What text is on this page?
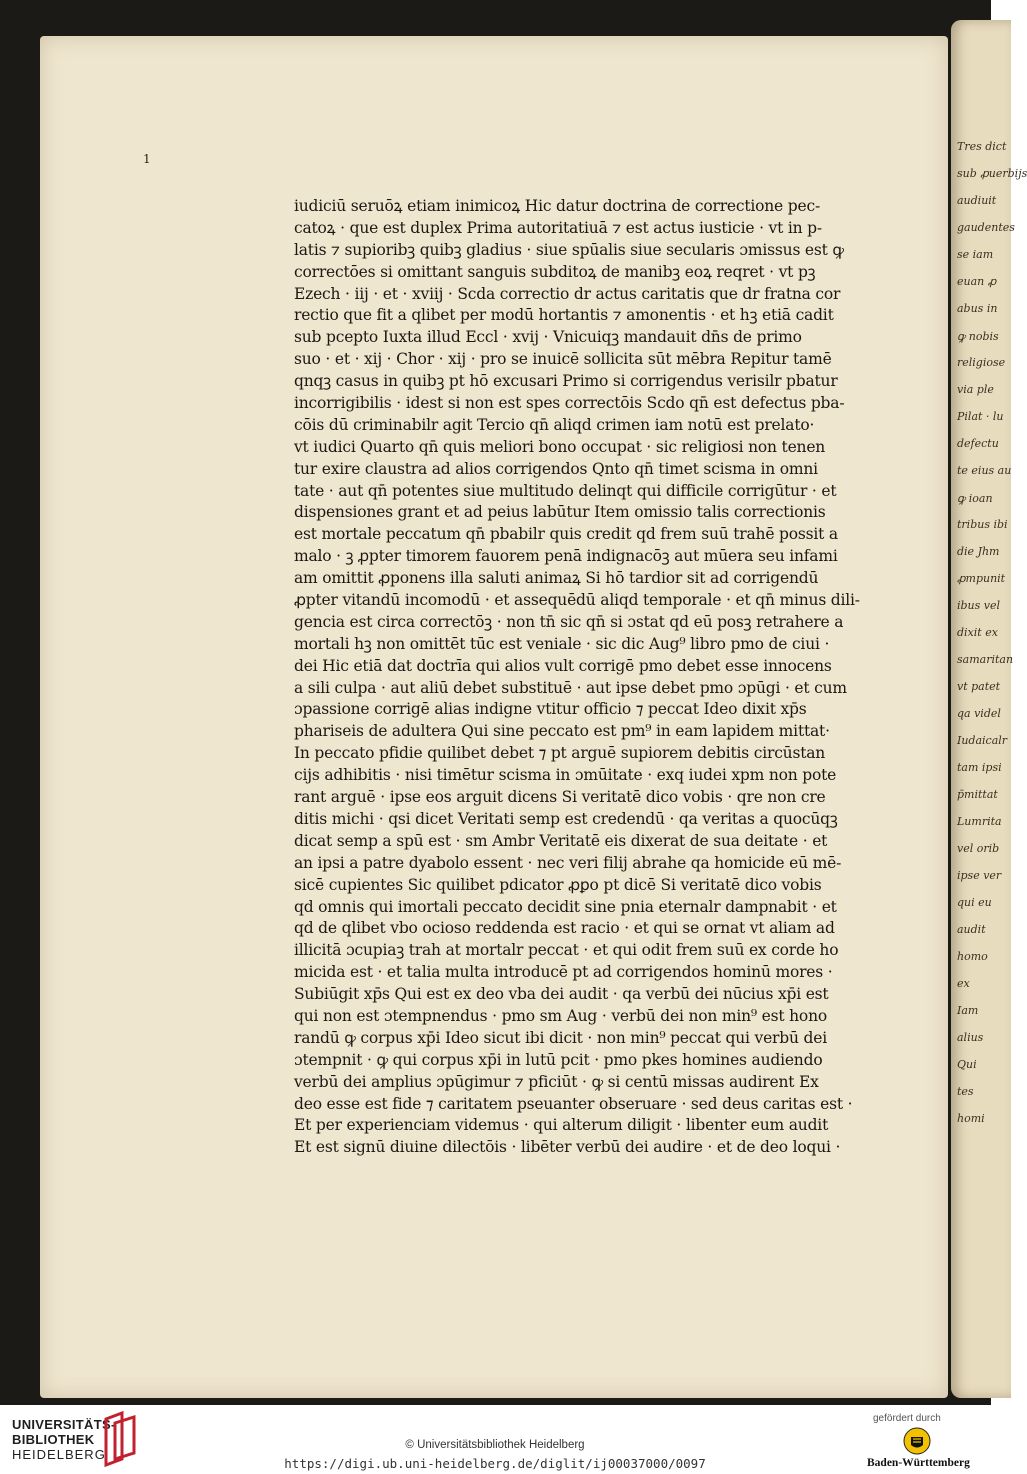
1
iudiciū seruōꝝ etiam inimicoꝝ Hic datur doctrina de correctione pec-
catoꝝ · que est duplex Prima autoritatiuā ⁊ est actus iusticie · vt in p-
latis ⁊ supioribꝫ quibꝫ gladius · siue spūalis siue secularis ɔmissus est ꝙ
correctōes si omittant sanguis subditoꝝ de manibꝫ eoꝝ reqret · vt pꝫ
Ezech · iij · et · xviij · Scda correctio dr actus caritatis que dr fratna cor
rectio que fit a qlibet per modū hortantis ⁊ amonentis · et hꝫ etiā cadit
sub pcepto Iuxta illud Eccl · xvij · Vnicuiqꝫ mandauit dn̄s de primo
suo · et · xij · Chor · xij · pro se inuicē sollicita sūt mēbra Repitur tamē
qnqꝫ casus in quibꝫ pt hō excusari Primo si corrigendus verisilr pbatur
incorrigibilis · idest si non est spes correctōis Scdo qn̄ est defectus pba-
cōis dū criminabilr agit Tercio qn̄ aliqd crimen iam notū est prelato·
vt iudici Quarto qn̄ quis meliori bono occupat · sic religiosi non tenen
tur exire claustra ad alios corrigendos Qnto qn̄ timet scisma in omni
tate · aut qn̄ potentes siue multitudo delinqt qui difficile corrigūtur · et
dispensiones grant et ad peius labūtur Item omissio talis correctionis
est mortale peccatum qn̄ pbabilr quis credit qd frem suū trahē possit a
malo · ꝫ ꝓpter timorem fauorem penā indignacōꝫ aut mūera seu infami
am omittit ꝓponens illa saluti animaꝝ Si hō tardior sit ad corrigendū
ꝓpter vitandū incomodū · et assequēdū aliqd temporale · et qn̄ minus dili-
gencia est circa correctōꝫ · non tn̄ sic qn̄ si ɔstat qd eū posꝫ retrahere a
mortali hꝫ non omittēt tūc est veniale · sic dic Aug⁹ libro pmo de ciui ·
dei Hic etiā dat doctrīa qui alios vult corrigē pmo debet esse innocens
a sili culpa · aut aliū debet substituē · aut ipse debet pmo ɔpūgi · et cum
ɔpassione corrigē alias indigne vtitur officio ⁊ peccat Ideo dixit xp̄s
phariseis de adultera Qui sine peccato est pm⁹ in eam lapidem mittat·
In peccato pfidie quilibet debet ⁊ pt arguē supiorem debitis circūstan
cijs adhibitis · nisi timētur scisma in ɔmūitate · exq iudei xpm non pote
rant arguē · ipse eos arguit dicens Si veritatē dico vobis · qre non cre
ditis michi · qsi dicet Veritati semp est credendū · qa veritas a quocūqꝫ
dicat semp a spū est · sm Ambr Veritatē eis dixerat de sua deitate · et
an ipsi a patre dyabolo essent · nec veri filij abrahe qa homicide eū mē-
sicē cupientes Sic quilibet pdicator ꝓꝑo pt dicē Si veritatē dico vobis
qd omnis qui imortali peccato decidit sine pnia eternalr dampnabit · et
qd de qlibet vbo ocioso reddenda est racio · et qui se ornat vt aliam ad
illicitā ɔcupiaꝫ trah at mortalr peccat · et qui odit frem suū ex corde ho
micida est · et talia multa introducē pt ad corrigendos hominū mores ·
Subiūgit xp̄s Qui est ex deo vba dei audit · qa verbū dei nūcius xp̄i est
qui non est ɔtempnendus · pmo sm Aug · verbū dei non min⁹ est hono
randū ꝙ corpus xp̄i Ideo sicut ibi dicit · non min⁹ peccat qui verbū dei
ɔtempnit · ꝙ qui corpus xp̄i in lutū pcit · pmo pkes homines audiendo
verbū dei amplius ɔpūgimur ⁊ pficiūt · ꝙ si centū missas audirent Ex
deo esse est fide ⁊ caritatem pseuanter obseruare · sed deus caritas est ·
Et per experienciam videmus · qui alterum diligit · libenter eum audit
Et est signū diuine dilectōis · libēter verbū dei audire · et de deo loqui ·
Tres dict
sub ꝓuerbijs
audiuit
gaudentes
se iam
euan ꝓ
abus in
ꝙ nobis
religiose
via ple
Pilat · lu
defectu
te eius au
ꝙ ioan
tribus ibi
die Jhm
ꝓmpunit
ibus vel
dixit ex
samaritan
vt patet
qa videl
Iudaicalr
tam ipsi
p̄mittat
Lumrita
vel orib
ipse ver
qui eu
audit
homo
ex
Iam
alius
Qui
tes
homi
UNIVERSITÄTS-
BIBLIOTHEK
HEIDELBERG
© Universitätsbibliothek Heidelberg
https://digi.ub.uni-heidelberg.de/diglit/ij00037000/0097
gefördert durch
Baden-Württemberg
